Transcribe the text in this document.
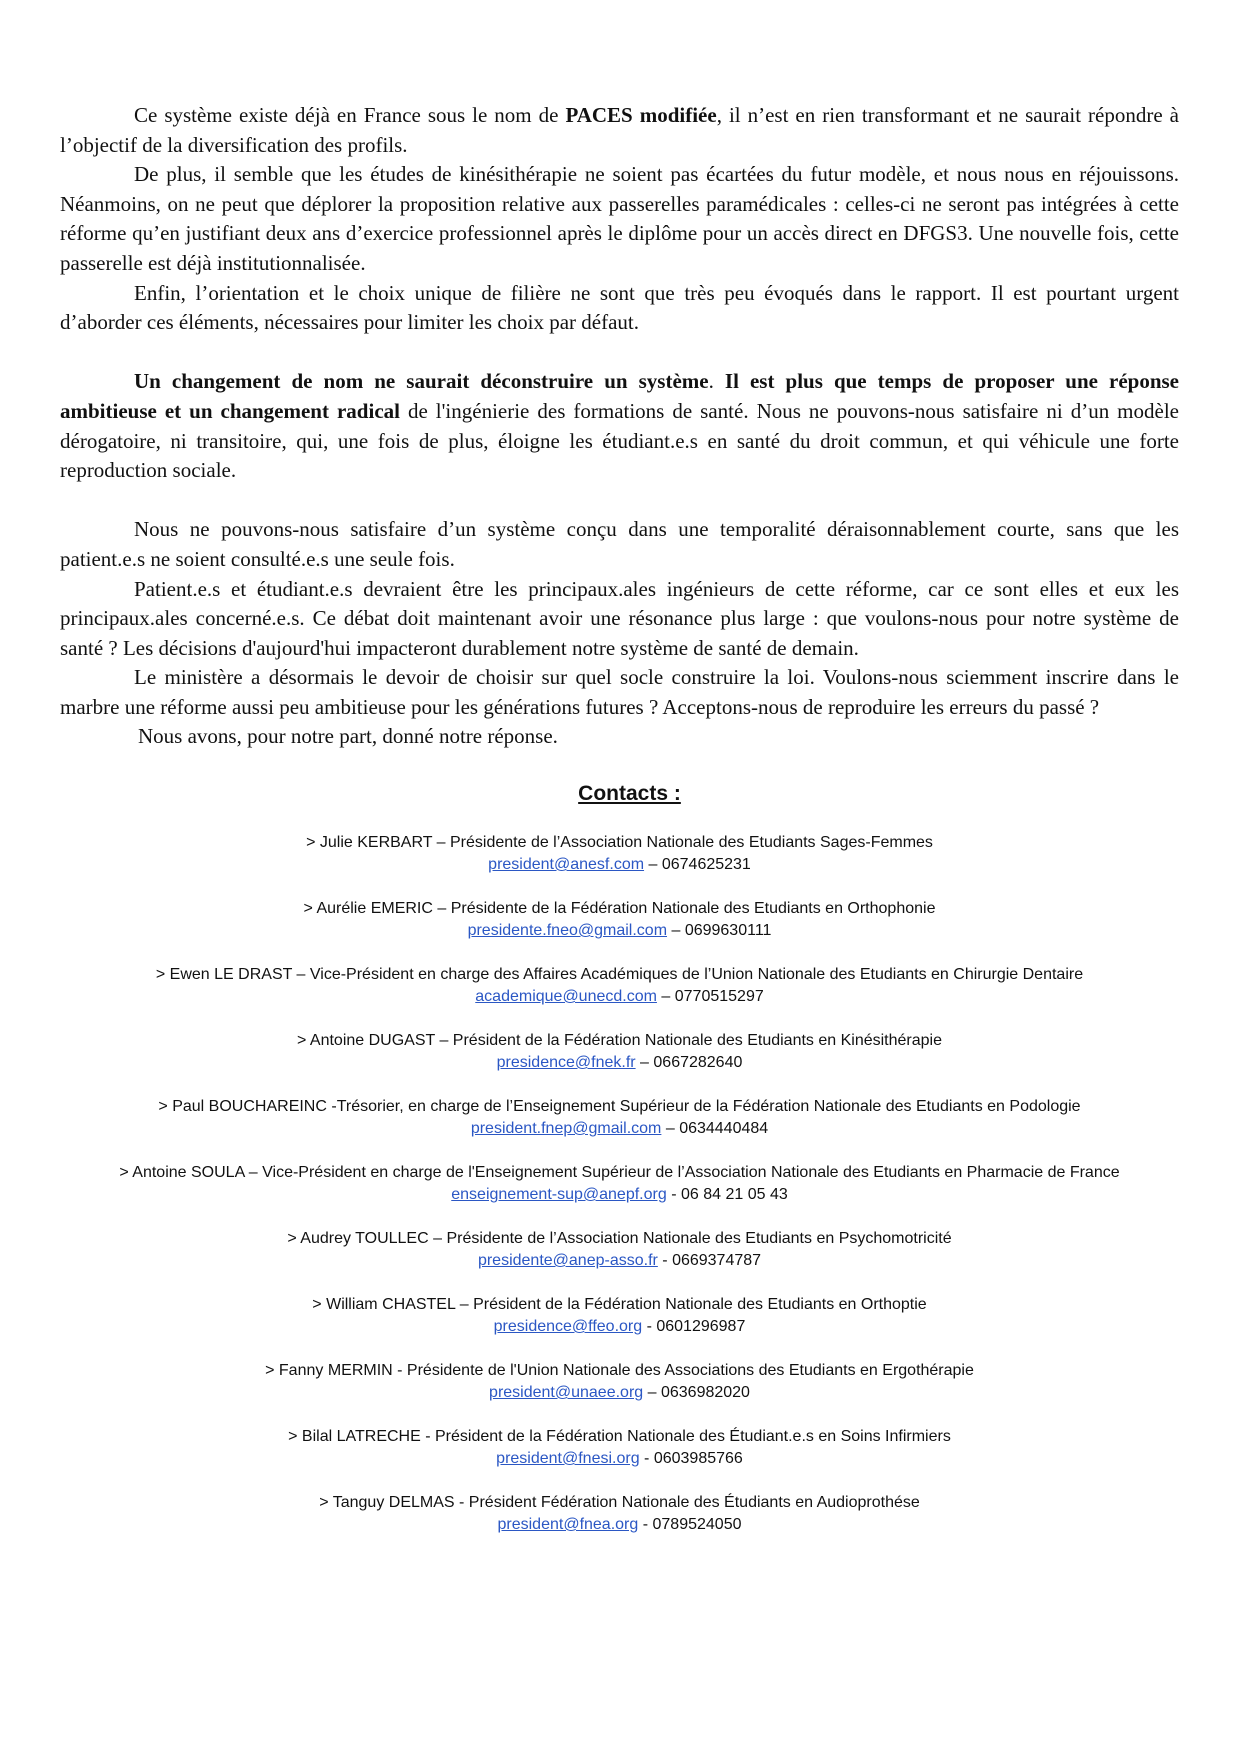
Ce système existe déjà en France sous le nom de PACES modifiée, il n’est en rien transformant et ne saurait répondre à l’objectif de la diversification des profils.

De plus, il semble que les études de kinésithérapie ne soient pas écartées du futur modèle, et nous nous en réjouissons. Néanmoins, on ne peut que déplorer la proposition relative aux passerelles paramédicales : celles-ci ne seront pas intégrées à cette réforme qu’en justifiant deux ans d’exercice professionnel après le diplôme pour un accès direct en DFGS3. Une nouvelle fois, cette passerelle est déjà institutionnalisée.

Enfin, l’orientation et le choix unique de filière ne sont que très peu évoqués dans le rapport. Il est pourtant urgent d’aborder ces éléments, nécessaires pour limiter les choix par défaut.

Un changement de nom ne saurait déconstruire un système. Il est plus que temps de proposer une réponse ambitieuse et un changement radical de l'ingénierie des formations de santé. Nous ne pouvons-nous satisfaire ni d’un modèle dérogatoire, ni transitoire, qui, une fois de plus, éloigne les étudiant.e.s en santé du droit commun, et qui véhicule une forte reproduction sociale.

Nous ne pouvons-nous satisfaire d’un système conçu dans une temporalité déraisonnablement courte, sans que les patient.e.s ne soient consulté.e.s une seule fois.

Patient.e.s et étudiant.e.s devraient être les principaux.ales ingénieurs de cette réforme, car ce sont elles et eux les principaux.ales concerné.e.s. Ce débat doit maintenant avoir une résonance plus large : que voulons-nous pour notre système de santé ? Les décisions d'aujourd'hui impacteront durablement notre système de santé de demain.

Le ministère a désormais le devoir de choisir sur quel socle construire la loi. Voulons-nous sciemment inscrire dans le marbre une réforme aussi peu ambitieuse pour les générations futures ? Acceptons-nous de reproduire les erreurs du passé ?

Nous avons, pour notre part, donné notre réponse.

Contacts :
> Julie KERBART – Présidente de l’Association Nationale des Etudiants Sages-Femmes
president@anesf.com – 0674625231
> Aurélie EMERIC – Présidente de la Fédération Nationale des Etudiants en Orthophonie
presidente.fneo@gmail.com – 0699630111
> Ewen LE DRAST – Vice-Président en charge des Affaires Académiques de l’Union Nationale des Etudiants en Chirurgie Dentaire
academique@unecd.com – 0770515297
> Antoine DUGAST – Président de la Fédération Nationale des Etudiants en Kinésithérapie
presidence@fnek.fr – 0667282640
> Paul BOUCHAREINC -Trésorier, en charge de l’Enseignement Supérieur de la Fédération Nationale des Etudiants en Podologie
president.fnep@gmail.com – 0634440484
> Antoine SOULA – Vice-Président en charge de l'Enseignement Supérieur de l’Association Nationale des Etudiants en Pharmacie de France
enseignement-sup@anepf.org - 06 84 21 05 43
> Audrey TOULLEC – Présidente de l’Association Nationale des Etudiants en Psychomotricité
presidente@anep-asso.fr - 0669374787
> William CHASTEL – Président de la Fédération Nationale des Etudiants en Orthoptie
presidence@ffeo.org - 0601296987
> Fanny MERMIN - Présidente de l'Union Nationale des Associations des Etudiants en Ergothérapie
president@unaee.org – 0636982020
> Bilal LATRECHE - Président de la Fédération Nationale des Étudiant.e.s en Soins Infirmiers
president@fnesi.org - 0603985766
> Tanguy DELMAS - Président Fédération Nationale des Étudiants en Audioprothése
president@fnea.org - 0789524050
